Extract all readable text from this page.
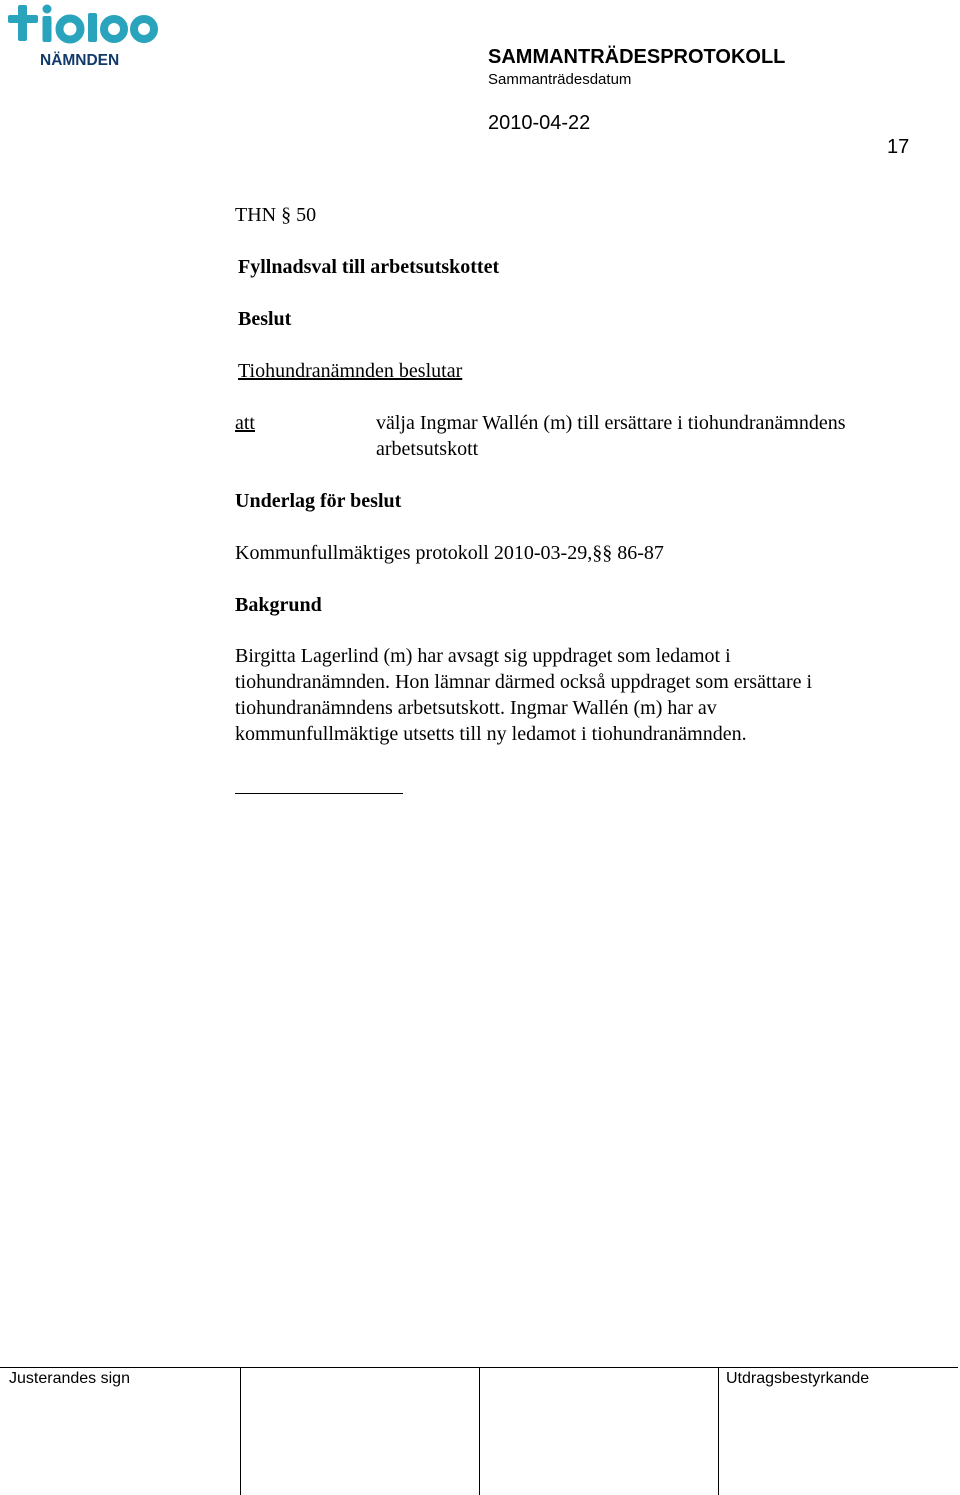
NÄMNDEN	SAMMANTRÄDESPROTOKOLL
Sammanträdesdatum
2010-04-22
17
THN § 50
Fyllnadsval till arbetsutskottet
Beslut
Tiohundranämnden beslutar
att	välja Ingmar Wallén (m) till ersättare i tiohundranämndens

arbetsutskott

Underlag för beslut
Kommunfullmäktiges protokoll 2010-03-29,§§ 86-87
Bakgrund

Birgitta Lagerlind (m) har avsagt sig uppdraget som ledamot i

tiohundranämnden. Hon lämnar därmed också uppdraget som ersättare i

tiohundranämndens arbetsutskott. Ingmar Wallén (m) har av

kommunfullmäktige utsetts till ny ledamot i tiohundranämnden.

Justerandes sign	Utdragsbestyrkande
